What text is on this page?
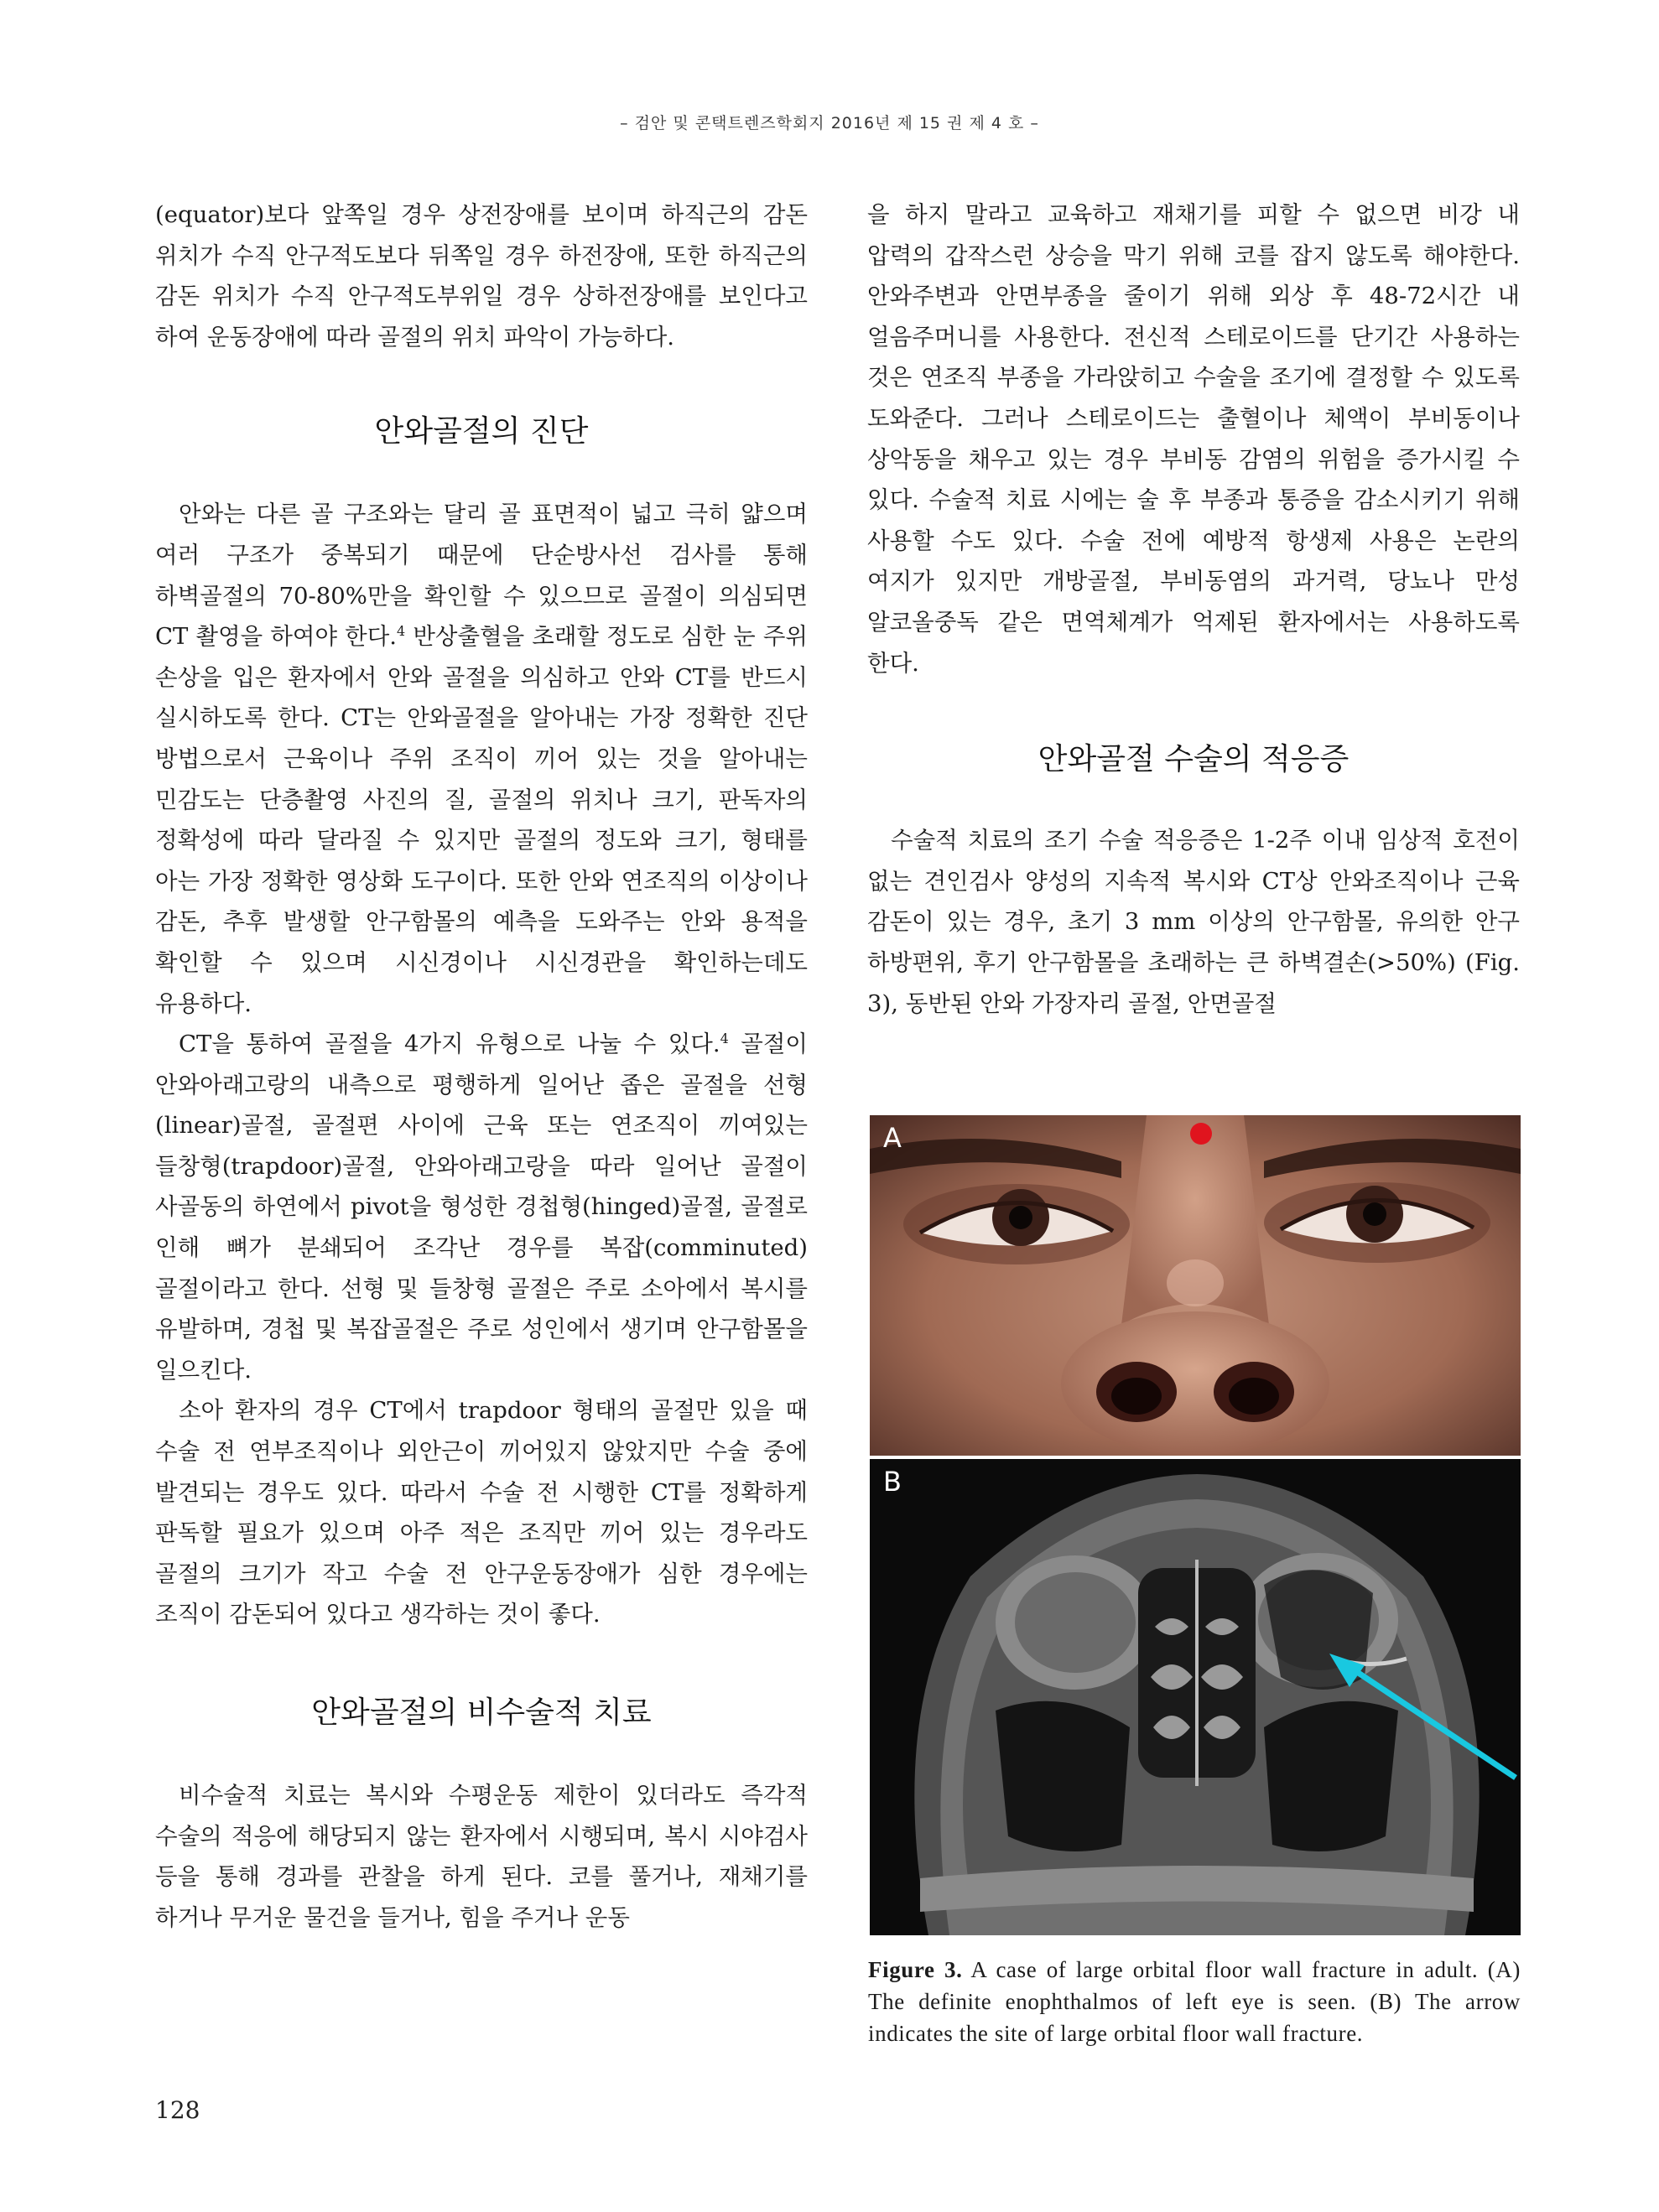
– 검안 및 콘택트렌즈학회지 2016년 제 15 권 제 4 호 –

(equator)보다 앞쪽일 경우 상전장애를 보이며 하직근의 감돈 위치가 수직 안구적도보다 뒤쪽일 경우 하전장애, 또한 하직근의 감돈 위치가 수직 안구적도부위일 경우 상하전장애를 보인다고 하여 운동장애에 따라 골절의 위치 파악이 가능하다.

안와골절의 진단

안와는 다른 골 구조와는 달리 골 표면적이 넓고 극히 얇으며 여러 구조가 중복되기 때문에 단순방사선 검사를 통해 하벽골절의 70-80%만을 확인할 수 있으므로 골절이 의심되면 CT 촬영을 하여야 한다.$^4$ 반상출혈을 초래할 정도로 심한 눈 주위 손상을 입은 환자에서 안와 골절을 의심하고 안와 CT를 반드시 실시하도록 한다. CT는 안와골절을 알아내는 가장 정확한 진단 방법으로서 근육이나 주위 조직이 끼어 있는 것을 알아내는 민감도는 단층촬영 사진의 질, 골절의 위치나 크기, 판독자의 정확성에 따라 달라질 수 있지만 골절의 정도와 크기, 형태를 아는 가장 정확한 영상화 도구이다. 또한 안와 연조직의 이상이나 감돈, 추후 발생할 안구함몰의 예측을 도와주는 안와 용적을 확인할 수 있으며 시신경이나 시신경관을 확인하는데도 유용하다.

CT을 통하여 골절을 4가지 유형으로 나눌 수 있다.$^4$ 골절이 안와아래고랑의 내측으로 평행하게 일어난 좁은 골절을 선형(linear)골절, 골절편 사이에 근육 또는 연조직이 끼여있는 들창형(trapdoor)골절, 안와아래고랑을 따라 일어난 골절이 사골동의 하연에서 pivot을 형성한 경첩형(hinged)골절, 골절로 인해 뼈가 분쇄되어 조각난 경우를 복잡(comminuted)골절이라고 한다. 선형 및 들창형 골절은 주로 소아에서 복시를 유발하며, 경첩 및 복잡골절은 주로 성인에서 생기며 안구함몰을 일으킨다.

소아 환자의 경우 CT에서 trapdoor 형태의 골절만 있을 때 수술 전 연부조직이나 외안근이 끼어있지 않았지만 수술 중에 발견되는 경우도 있다. 따라서 수술 전 시행한 CT를 정확하게 판독할 필요가 있으며 아주 적은 조직만 끼어 있는 경우라도 골절의 크기가 작고 수술 전 안구운동장애가 심한 경우에는 조직이 감돈되어 있다고 생각하는 것이 좋다.

안와골절의 비수술적 치료

비수술적 치료는 복시와 수평운동 제한이 있더라도 즉각적 수술의 적응에 해당되지 않는 환자에서 시행되며, 복시 시야검사 등을 통해 경과를 관찰을 하게 된다. 코를 풀거나, 재채기를 하거나 무거운 물건을 들거나, 힘을 주거나 운동

을 하지 말라고 교육하고 재채기를 피할 수 없으면 비강 내 압력의 갑작스런 상승을 막기 위해 코를 잡지 않도록 해야한다. 안와주변과 안면부종을 줄이기 위해 외상 후 48-72시간 내 얼음주머니를 사용한다. 전신적 스테로이드를 단기간 사용하는 것은 연조직 부종을 가라앉히고 수술을 조기에 결정할 수 있도록 도와준다. 그러나 스테로이드는 출혈이나 체액이 부비동이나 상악동을 채우고 있는 경우 부비동 감염의 위험을 증가시킬 수 있다. 수술적 치료 시에는 술 후 부종과 통증을 감소시키기 위해 사용할 수도 있다. 수술 전에 예방적 항생제 사용은 논란의 여지가 있지만 개방골절, 부비동염의 과거력, 당뇨나 만성 알코올중독 같은 면역체계가 억제된 환자에서는 사용하도록 한다.

안와골절 수술의 적응증

수술적 치료의 조기 수술 적응증은 1-2주 이내 임상적 호전이 없는 견인검사 양성의 지속적 복시와 CT상 안와조직이나 근육 감돈이 있는 경우, 초기 3 mm 이상의 안구함몰, 유의한 안구 하방편위, 후기 안구함몰을 초래하는 큰 하벽결손(>50%) (Fig. 3), 동반된 안와 가장자리 골절, 안면골절

A
B
Figure 3. A case of large orbital floor wall fracture in adult. (A) The definite enophthalmos of left eye is seen. (B) The arrow indicates the site of large orbital floor wall fracture.
128
